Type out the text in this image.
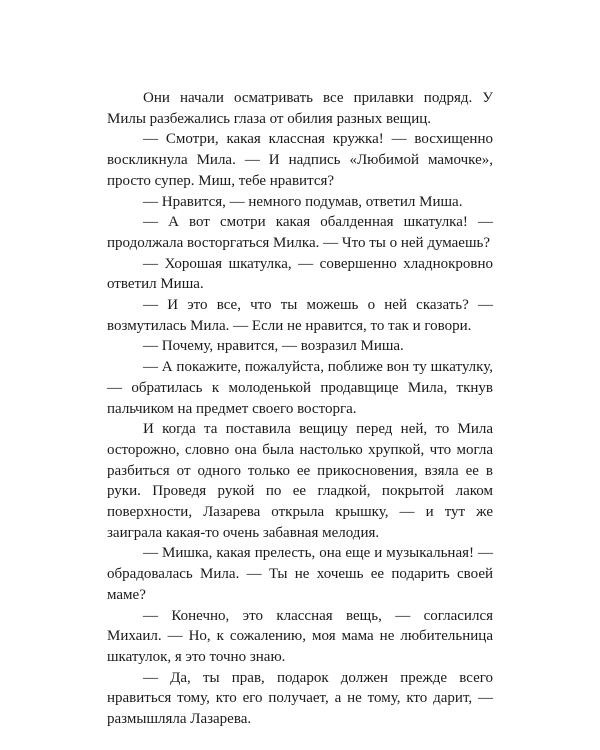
Они начали осматривать все прилавки подряд. У Милы разбежались глаза от обилия разных вещиц.

— Смотри, какая классная кружка! — восхищенно воскликнула Мила. — И надпись «Любимой мамочке», просто супер. Миш, тебе нравится?

— Нравится, — немного подумав, ответил Миша.

— А вот смотри какая обалденная шкатулка! — продолжала восторгаться Милка. — Что ты о ней думаешь?

— Хорошая шкатулка, — совершенно хладнокровно ответил Миша.

— И это все, что ты можешь о ней сказать? — возмутилась Мила. — Если не нравится, то так и говори.

— Почему, нравится, — возразил Миша.

— А покажите, пожалуйста, поближе вон ту шкатулку, — обратилась к молоденькой продавщице Мила, ткнув пальчиком на предмет своего восторга.

И когда та поставила вещицу перед ней, то Мила осторожно, словно она была настолько хрупкой, что могла разбиться от одного только ее прикосновения, взяла ее в руки. Проведя рукой по ее гладкой, покрытой лаком поверхности, Лазарева открыла крышку, — и тут же заиграла какая-то очень забавная мелодия.

— Мишка, какая прелесть, она еще и музыкальная! — обрадовалась Мила. — Ты не хочешь ее подарить своей маме?

— Конечно, это классная вещь, — согласился Михаил. — Но, к сожалению, моя мама не любительница шкатулок, я это точно знаю.

— Да, ты прав, подарок должен прежде всего нравиться тому, кто его получает, а не тому, кто дарит, — размышляла Лазарева.
